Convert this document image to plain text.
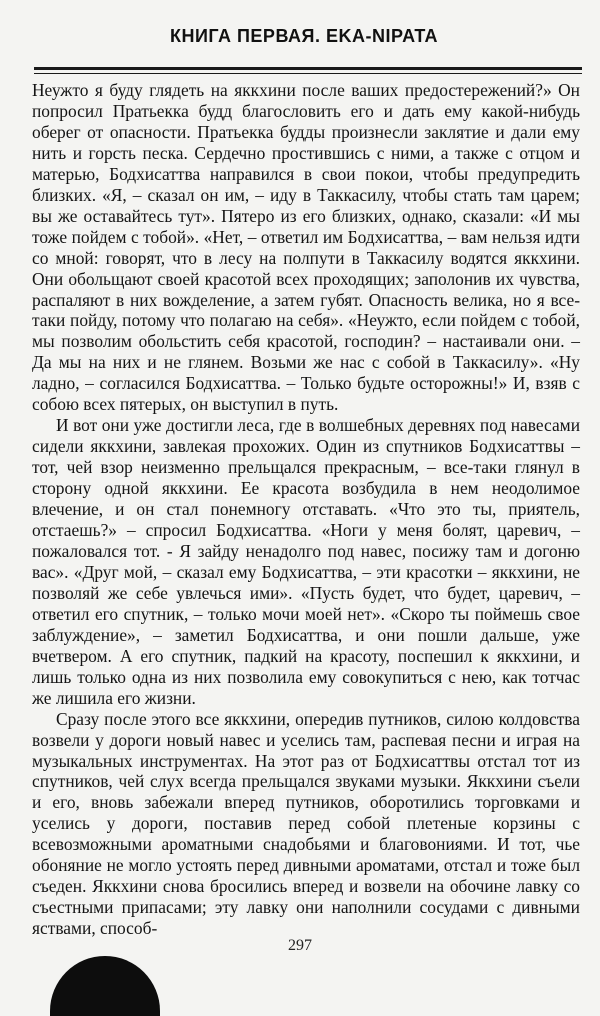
КНИГА ПЕРВАЯ. EKA-NIPATA

Неужто я буду глядеть на яккхини после ваших предостережений?» Он попросил Пратьекка будд благословить его и дать ему какой-нибудь оберег от опасности. Пратьекка будды произнесли заклятие и дали ему нить и горсть песка. Сердечно простившись с ними, а также с отцом и матерью, Бодхисаттва направился в свои покои, чтобы предупредить близких. «Я, – сказал он им, – иду в Таккасилу, чтобы стать там царем; вы же оставайтесь тут». Пятеро из его близких, однако, сказали: «И мы тоже пойдем с тобой». «Нет, – ответил им Бодхисаттва, – вам нельзя идти со мной: говорят, что в лесу на полпути в Таккасилу водятся яккхини. Они обольщают своей красотой всех проходящих; заполонив их чувства, распаляют в них вожделение, а затем губят. Опасность велика, но я все-таки пойду, потому что полагаю на себя». «Неужто, если пойдем с тобой, мы позволим обольстить себя красотой, господин? – настаивали они. – Да мы на них и не глянем. Возьми же нас с собой в Таккасилу». «Ну ладно, – согласился Бодхисаттва. – Только будьте осторожны!» И, взяв с собою всех пятерых, он выступил в путь.

И вот они уже достигли леса, где в волшебных деревнях под навесами сидели яккхини, завлекая прохожих. Один из спутников Бодхисаттвы – тот, чей взор неизменно прельщался прекрасным, – все-таки глянул в сторону одной яккхини. Ее красота возбудила в нем неодолимое влечение, и он стал понемногу отставать. «Что это ты, приятель, отстаешь?» – спросил Бодхисаттва. «Ноги у меня болят, царевич, – пожаловался тот. - Я зайду ненадолго под навес, посижу там и догоню вас». «Друг мой, – сказал ему Бодхисаттва, – эти красотки – яккхини, не позволяй же себе увлечься ими». «Пусть будет, что будет, царевич, – ответил его спутник, – только мочи моей нет». «Скоро ты поймешь свое заблуждение», – заметил Бодхисаттва, и они пошли дальше, уже вчетвером. А его спутник, падкий на красоту, поспешил к яккхини, и лишь только одна из них позволила ему совокупиться с нею, как тотчас же лишила его жизни.

Сразу после этого все яккхини, опередив путников, силою колдовства возвели у дороги новый навес и уселись там, распевая песни и играя на музыкальных инструментах. На этот раз от Бодхисаттвы отстал тот из спутников, чей слух всегда прельщался звуками музыки. Яккхини съели и его, вновь забежали вперед путников, оборотились торговками и уселись у дороги, поставив перед собой плетеные корзины с всевозможными ароматными снадобьями и благовониями. И тот, чье обоняние не могло устоять перед дивными ароматами, отстал и тоже был съеден. Яккхини снова бросились вперед и возвели на обочине лавку со съестными припасами; эту лавку они наполнили сосудами с дивными яствами, способ-

297
